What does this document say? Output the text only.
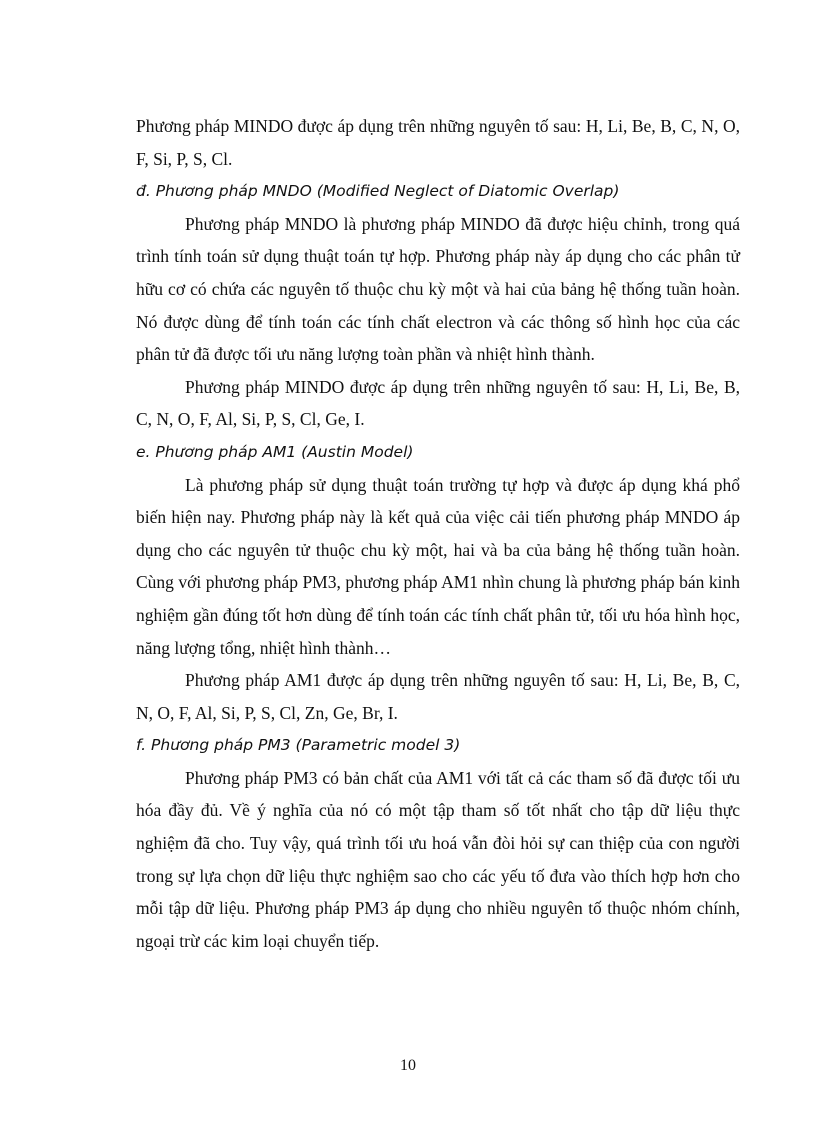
Phương pháp MINDO được áp dụng trên những nguyên tố sau: H, Li, Be, B, C, N, O, F, Si, P, S, Cl.

đ. Phương pháp MNDO (Modified Neglect of Diatomic Overlap)

Phương pháp MNDO là phương pháp MINDO đã được hiệu chỉnh, trong quá trình tính toán sử dụng thuật toán tự hợp. Phương pháp này áp dụng cho các phân tử hữu cơ có chứa các nguyên tố thuộc chu kỳ một và hai của bảng hệ thống tuần hoàn. Nó được dùng để tính toán các tính chất electron và các thông số hình học của các phân tử đã được tối ưu năng lượng toàn phần và nhiệt hình thành.

Phương pháp MINDO được áp dụng trên những nguyên tố sau: H, Li, Be, B, C, N, O, F, Al, Si, P, S, Cl, Ge, I.

e. Phương pháp AM1 (Austin Model)

Là phương pháp sử dụng thuật toán trường tự hợp và được áp dụng khá phổ biến hiện nay. Phương pháp này là kết quả của việc cải tiến phương pháp MNDO áp dụng cho các nguyên tử thuộc chu kỳ một, hai và ba của bảng hệ thống tuần hoàn. Cùng với phương pháp PM3, phương pháp AM1 nhìn chung là phương pháp bán kinh nghiệm gần đúng tốt hơn dùng để tính toán các tính chất phân tử, tối ưu hóa hình học, năng lượng tổng, nhiệt hình thành…

Phương pháp AM1 được áp dụng trên những nguyên tố sau: H, Li, Be, B, C, N, O, F, Al, Si, P, S, Cl, Zn, Ge, Br, I.

f. Phương pháp PM3 (Parametric model 3)

Phương pháp PM3 có bản chất của AM1 với tất cả các tham số đã được tối ưu hóa đầy đủ. Về ý nghĩa của nó có một tập tham số tốt nhất cho tập dữ liệu thực nghiệm đã cho. Tuy vậy, quá trình tối ưu hoá vẫn đòi hỏi sự can thiệp của con người trong sự lựa chọn dữ liệu thực nghiệm sao cho các yếu tố đưa vào thích hợp hơn cho mỗi tập dữ liệu. Phương pháp PM3 áp dụng cho nhiều nguyên tố thuộc nhóm chính, ngoại trừ các kim loại chuyển tiếp.

10
